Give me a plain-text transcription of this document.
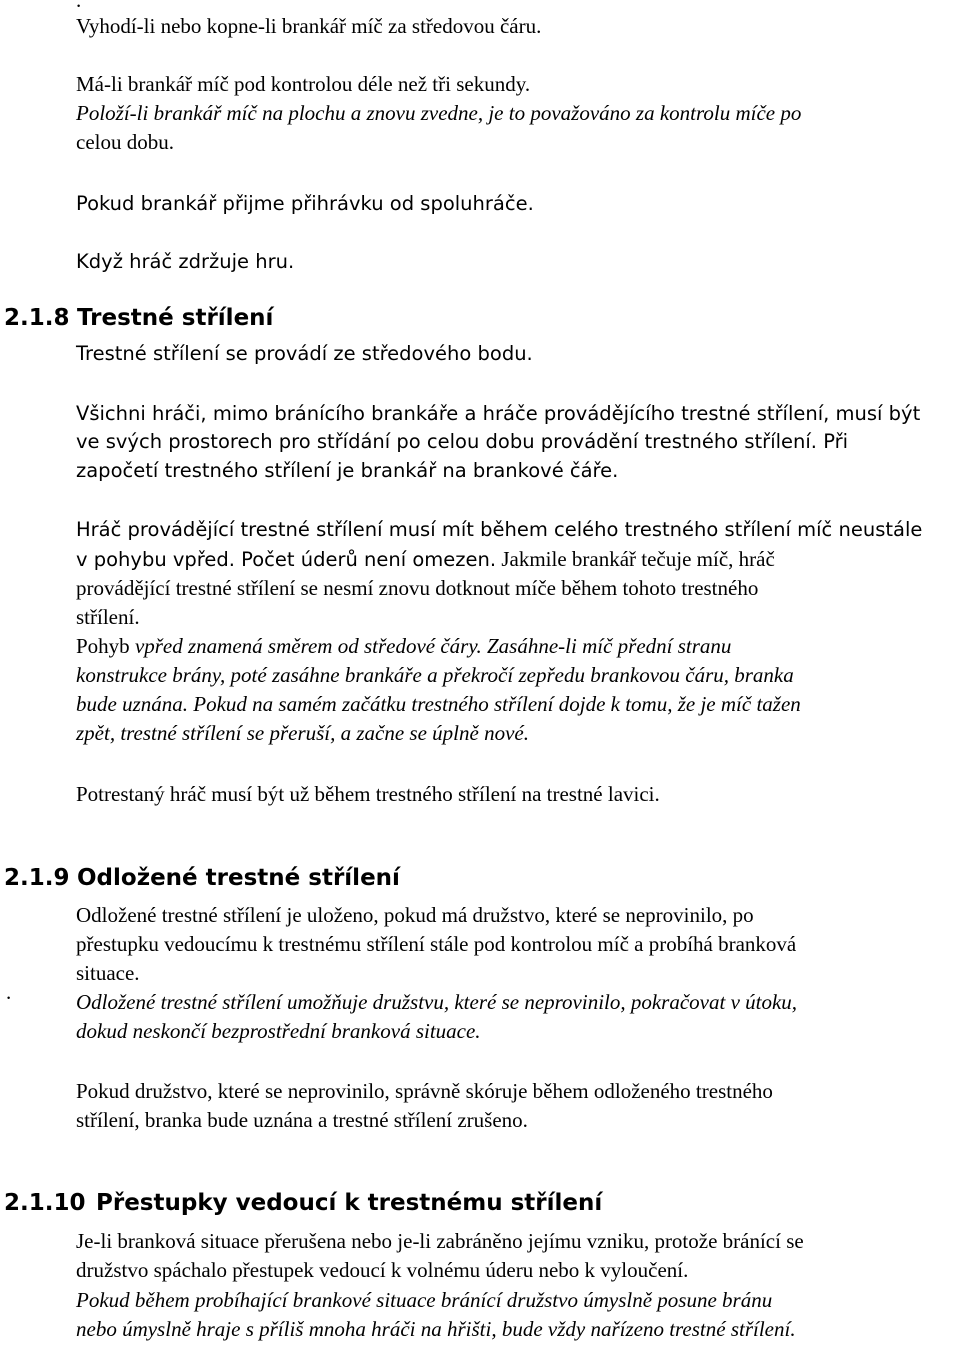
.

Vyhodí-li nebo kopne-li brankář míč za středovou čáru.

Má-li brankář míč pod kontrolou déle než tři sekundy.

Položí-li brankář míč na plochu a znovu zvedne, je to považováno za kontrolu míče po

celou dobu.

Pokud brankář přijme přihrávku od spoluhráče.

Když hráč zdržuje hru.

2.1.8 Trestné střílení

Trestné střílení se provádí ze středového bodu.

Všichni hráči, mimo bránícího brankáře a hráče provádějícího trestné střílení, musí být

ve svých prostorech pro střídání po celou dobu provádění trestného střílení. Při

započetí trestného střílení je brankář na brankové čáře.

Hráč provádějící trestné střílení musí mít během celého trestného střílení míč neustále

v pohybu vpřed. Počet úderů není omezen. Jakmile brankář tečuje míč, hráč

provádějící trestné střílení se nesmí znovu dotknout míče během tohoto trestného

střílení.

Pohyb vpřed znamená směrem od středové čáry. Zasáhne-li míč přední stranu

konstrukce brány, poté zasáhne brankáře a překročí zepředu brankovou čáru, branka

bude uznána. Pokud na samém začátku trestného střílení dojde k tomu, že je míč tažen

zpět, trestné střílení se přeruší, a začne se úplně nové.

Potrestaný hráč musí být už během trestného střílení na trestné lavici.

2.1.9 Odložené trestné střílení

Odložené trestné střílení je uloženo, pokud má družstvo, které se neprovinilo, po

přestupku vedoucímu k trestnému střílení stále pod kontrolou míč a probíhá branková

situace.

.	Odložené trestné střílení umožňuje družstvu, které se neprovinilo, pokračovat v útoku,

dokud neskončí bezprostřední branková situace.

Pokud družstvo, které se neprovinilo, správně skóruje během odloženého trestného

střílení, branka bude uznána a trestné střílení zrušeno.

2.1.10 Přestupky vedoucí k trestnému střílení

Je-li branková situace přerušena nebo je-li zabráněno jejímu vzniku, protože bránící se

družstvo spáchalo přestupek vedoucí k volnému úderu nebo k vyloučení.

Pokud během probíhající brankové situace bránící družstvo úmyslně posune bránu

nebo úmyslně hraje s příliš mnoha hráči na hřišti, bude vždy nařízeno trestné střílení.
